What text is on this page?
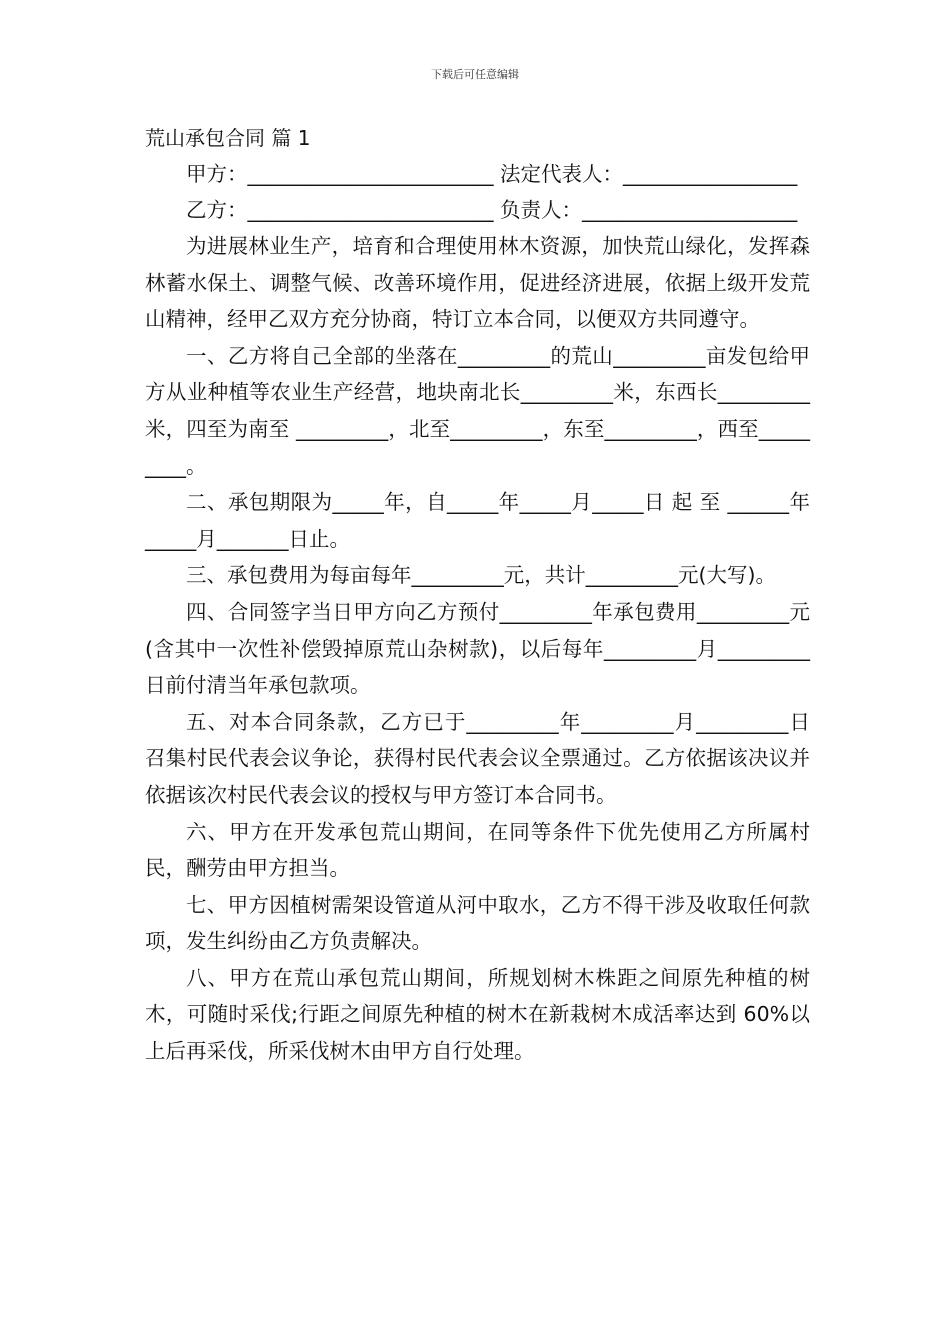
下载后可任意编辑

荒山承包合同 篇 1

甲方：________________________ 法定代表人：_________________

乙方：________________________ 负责人：_____________________

为进展林业生产，培育和合理使用林木资源，加快荒山绿化，发挥森林蓄水保土、调整气候、改善环境作用，促进经济进展，依据上级开发荒山精神，经甲乙双方充分协商，特订立本合同，以便双方共同遵守。

一、乙方将自己全部的坐落在_________的荒山_________亩发包给甲方从业种植等农业生产经营，地块南北长_________米，东西长_________米，四至为南至 _________，北至_________，东至_________，西至_________。

二、承包期限为_____年，自_____年_____月_____日 起 至 ______年_____月_______日止。

三、承包费用为每亩每年_________元，共计_________元(大写)。

四、合同签字当日甲方向乙方预付_________年承包费用_________元(含其中一次性补偿毁掉原荒山杂树款)，以后每年_________月_________日前付清当年承包款项。

五、对本合同条款，乙方已于_________年_________月_________日召集村民代表会议争论，获得村民代表会议全票通过。乙方依据该决议并依据该次村民代表会议的授权与甲方签订本合同书。

六、甲方在开发承包荒山期间，在同等条件下优先使用乙方所属村民，酬劳由甲方担当。

七、甲方因植树需架设管道从河中取水，乙方不得干涉及收取任何款项，发生纠纷由乙方负责解决。

八、甲方在荒山承包荒山期间，所规划树木株距之间原先种植的树木，可随时采伐;行距之间原先种植的树木在新栽树木成活率达到 60%以上后再采伐，所采伐树木由甲方自行处理。
